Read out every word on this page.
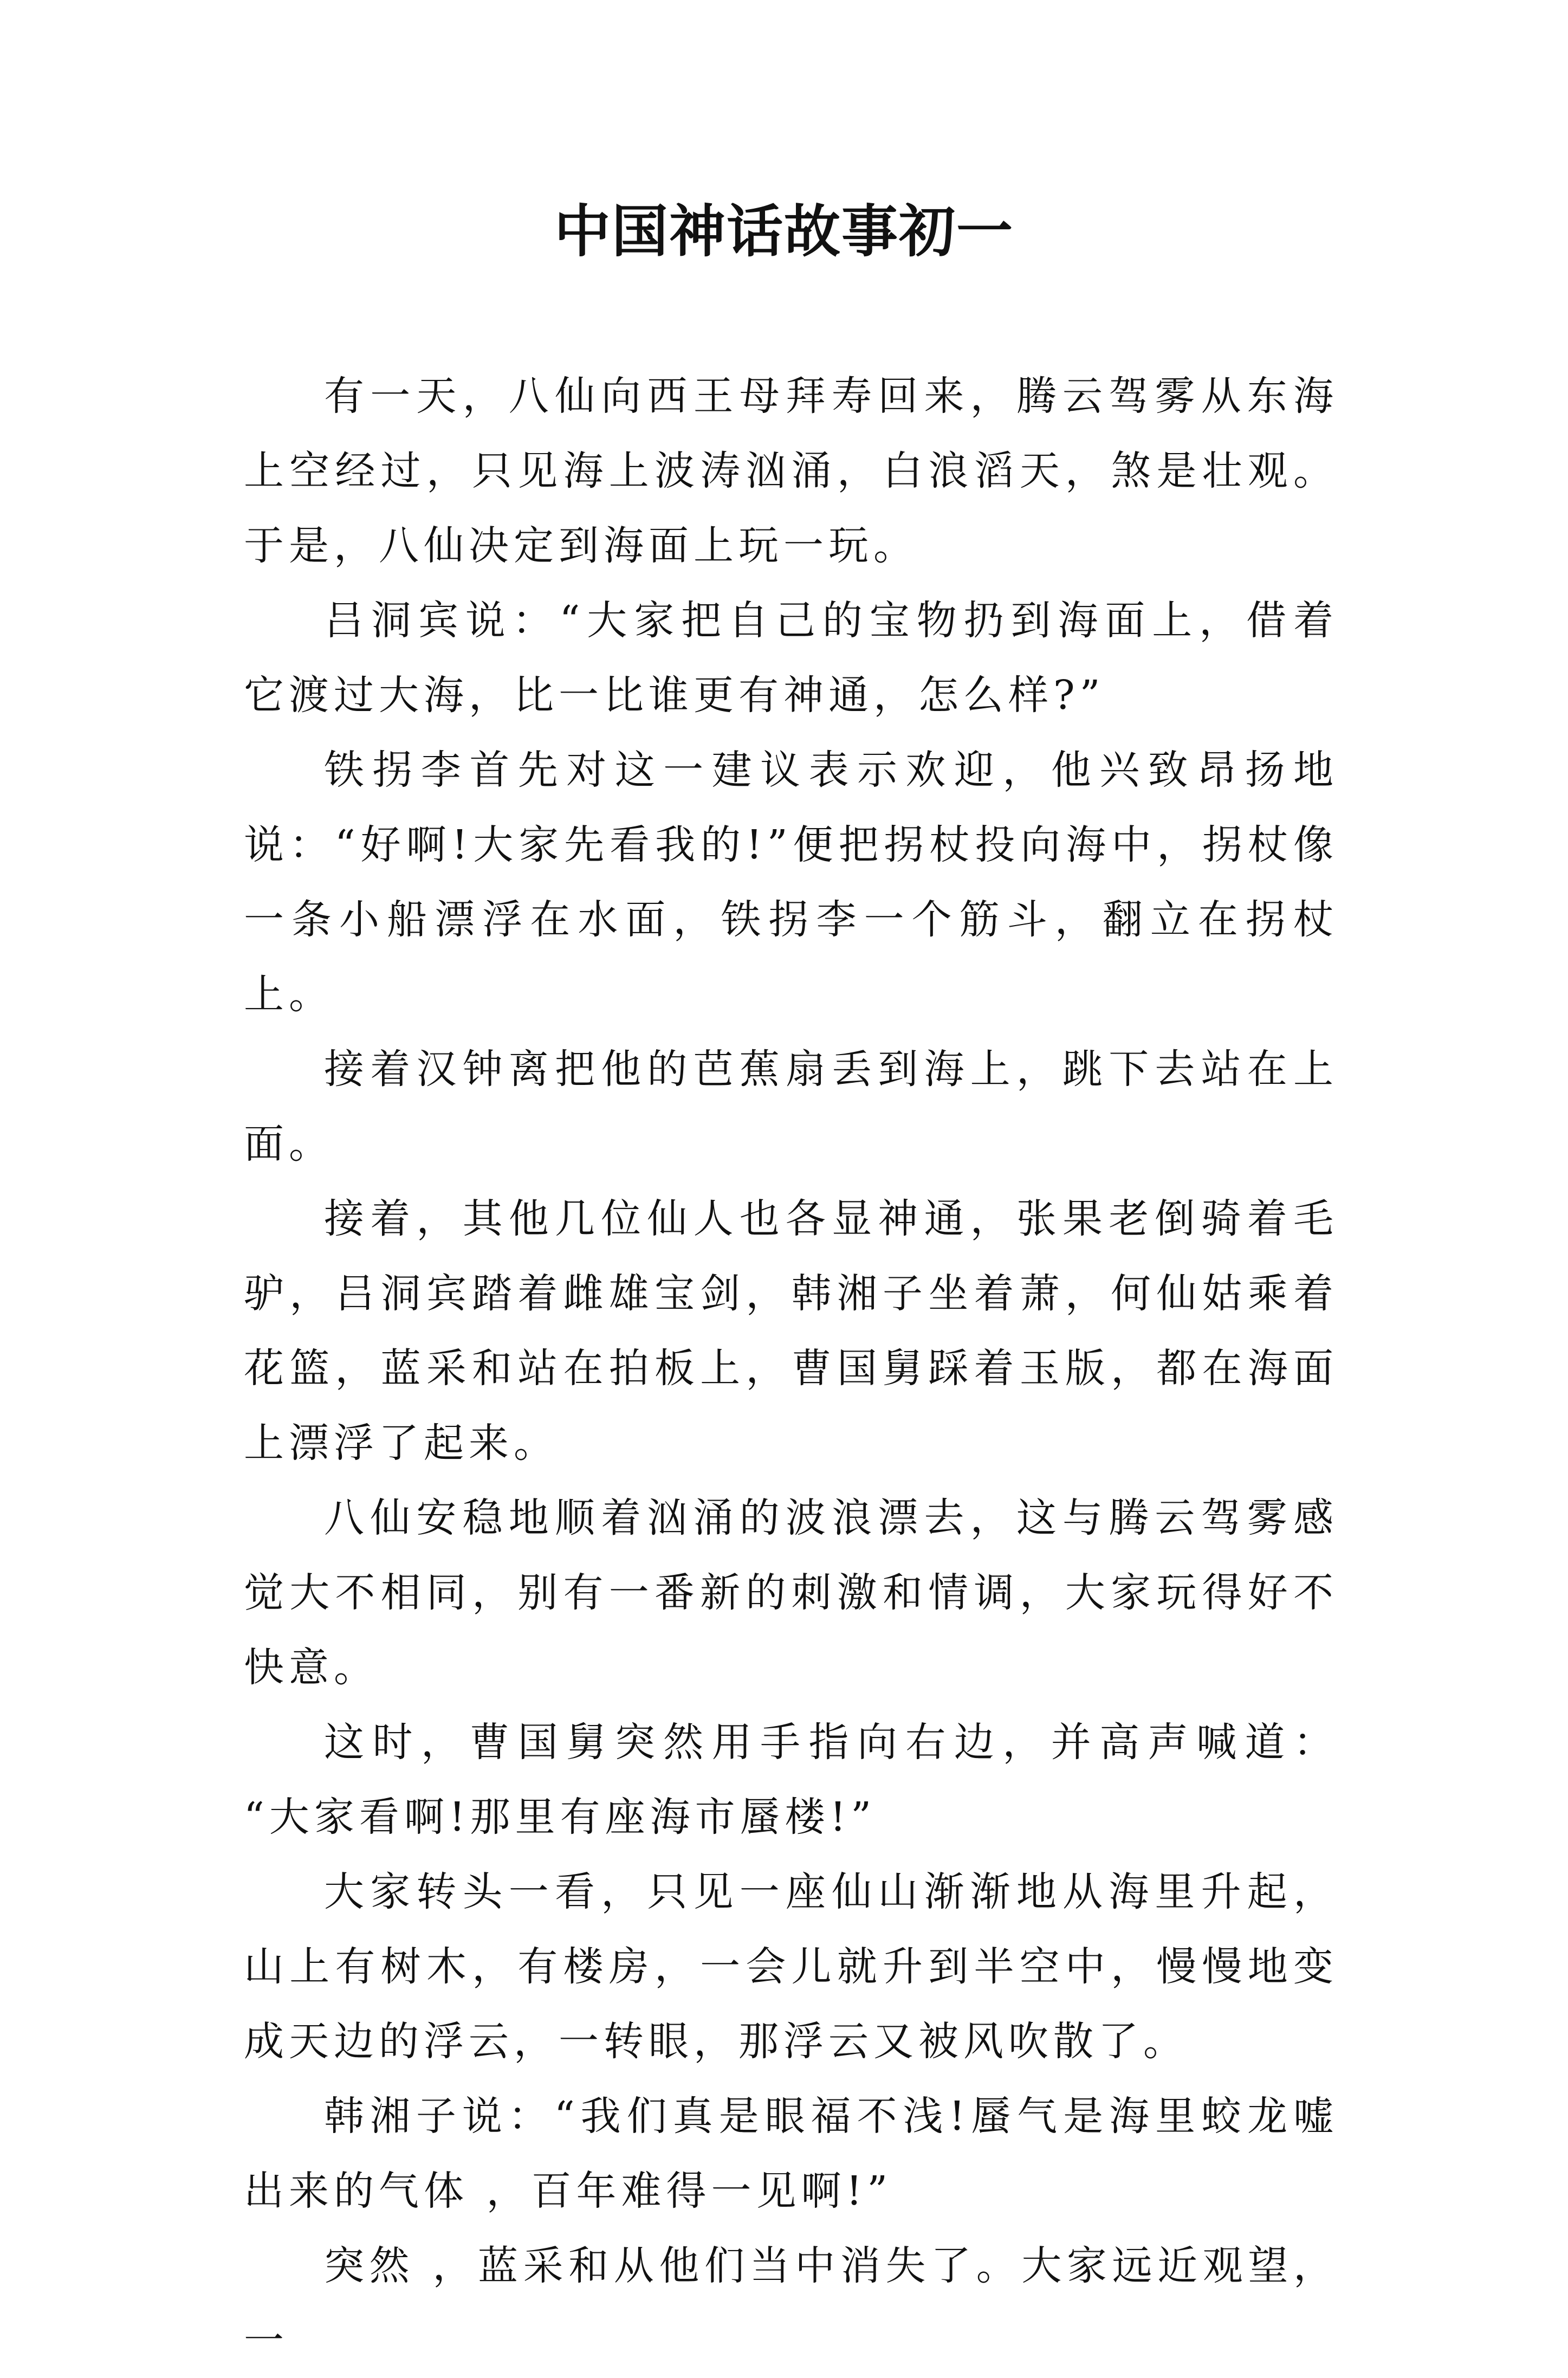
中国神话故事初一

有一天，八仙向西王母拜寿回来，腾云驾雾从东海上空经过，只见海上波涛汹涌，白浪滔天，煞是壮观。于是，八仙决定到海面上玩一玩。

吕洞宾说：“大家把自己的宝物扔到海面上，借着它渡过大海，比一比谁更有神通，怎么样?”

铁拐李首先对这一建议表示欢迎，他兴致昂扬地说：“好啊!大家先看我的!”便把拐杖投向海中，拐杖像一条小船漂浮在水面，铁拐李一个筋斗，翻立在拐杖上。

接着汉钟离把他的芭蕉扇丢到海上，跳下去站在上面。

接着，其他几位仙人也各显神通，张果老倒骑着毛驴，吕洞宾踏着雌雄宝剑，韩湘子坐着萧，何仙姑乘着花篮，蓝采和站在拍板上，曹国舅踩着玉版，都在海面上漂浮了起来。

八仙安稳地顺着汹涌的波浪漂去，这与腾云驾雾感觉大不相同，别有一番新的刺激和情调，大家玩得好不快意。

这时，曹国舅突然用手指向右边，并高声喊道： “大家看啊!那里有座海市蜃楼!”

大家转头一看，只见一座仙山渐渐地从海里升起，山上有树木，有楼房，一会儿就升到半空中，慢慢地变成天边的浮云，一转眼，那浮云又被风吹散了。

韩湘子说：“我们真是眼福不浅!蜃气是海里蛟龙嘘出来的气体 ，百年难得一见啊!”

突然 ，蓝采和从他们当中消失了。大家远近观望，一
